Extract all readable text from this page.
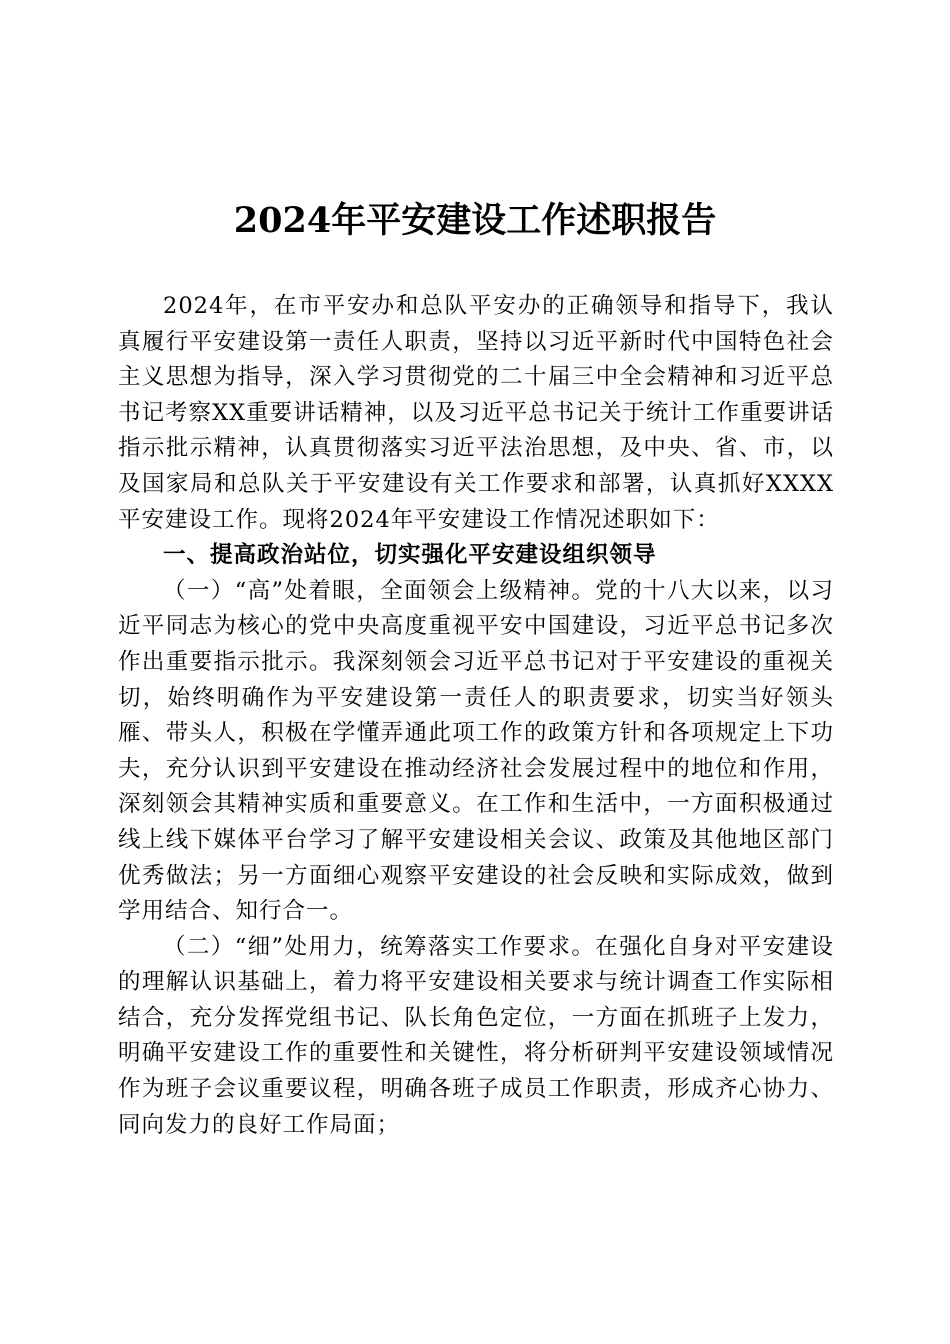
2024年平安建设工作述职报告

2024年，在市平安办和总队平安办的正确领导和指导下，我认真履行平安建设第一责任人职责，坚持以习近平新时代中国特色社会主义思想为指导，深入学习贯彻党的二十届三中全会精神和习近平总书记考察XX重要讲话精神，以及习近平总书记关于统计工作重要讲话指示批示精神，认真贯彻落实习近平法治思想，及中央、省、市，以及国家局和总队关于平安建设有关工作要求和部署，认真抓好XXXX平安建设工作。现将2024年平安建设工作情况述职如下：

一、提高政治站位，切实强化平安建设组织领导

（一）“高”处着眼，全面领会上级精神。党的十八大以来，以习近平同志为核心的党中央高度重视平安中国建设，习近平总书记多次作出重要指示批示。我深刻领会习近平总书记对于平安建设的重视关切，始终明确作为平安建设第一责任人的职责要求，切实当好领头雁、带头人，积极在学懂弄通此项工作的政策方针和各项规定上下功夫，充分认识到平安建设在推动经济社会发展过程中的地位和作用，深刻领会其精神实质和重要意义。在工作和生活中，一方面积极通过线上线下媒体平台学习了解平安建设相关会议、政策及其他地区部门优秀做法；另一方面细心观察平安建设的社会反映和实际成效，做到学用结合、知行合一。

（二）“细”处用力，统筹落实工作要求。在强化自身对平安建设的理解认识基础上，着力将平安建设相关要求与统计调查工作实际相结合，充分发挥党组书记、队长角色定位，一方面在抓班子上发力，明确平安建设工作的重要性和关键性，将分析研判平安建设领域情况作为班子会议重要议程，明确各班子成员工作职责，形成齐心协力、同向发力的良好工作局面；
